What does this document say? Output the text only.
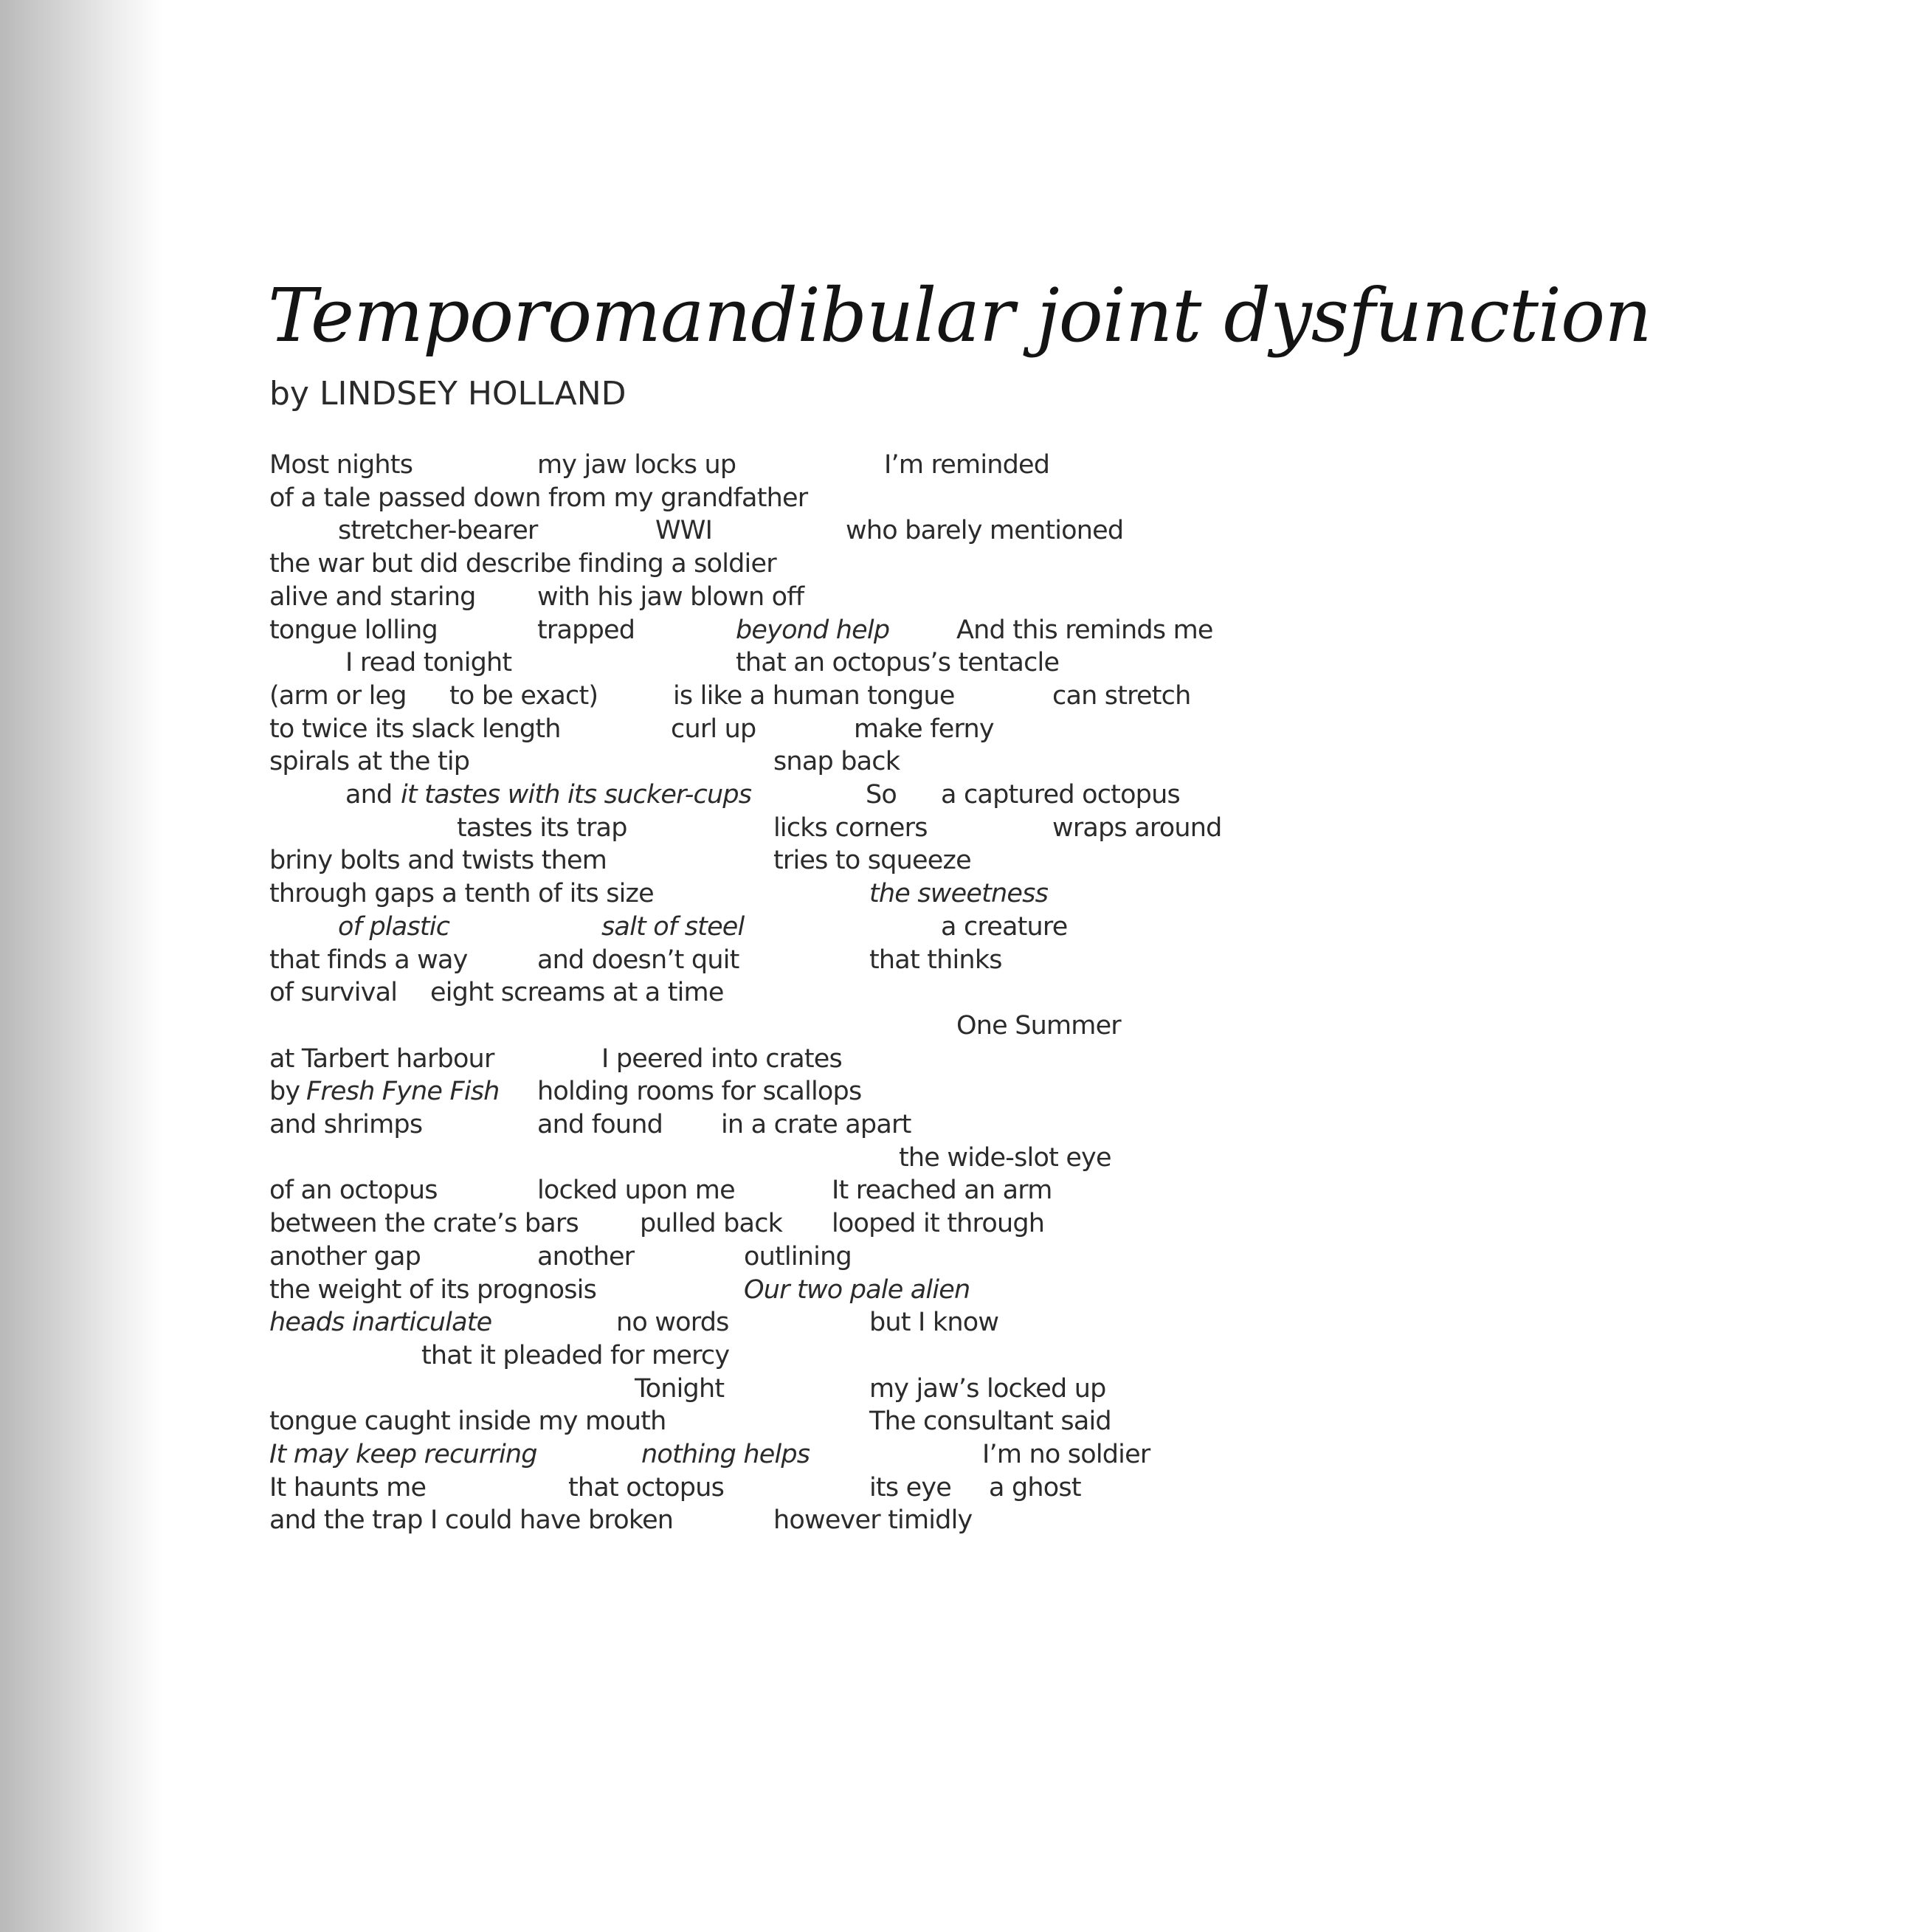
Temporomandibular joint dysfunction
by LINDSEY HOLLAND
Most nights	my jaw locks up	I’m reminded
of a tale passed down from my grandfather
stretcher-bearer	WWI	who barely mentioned
the war but did describe finding a soldier
alive and staring with his jaw blown off
tongue lolling	trapped	beyond help	And this reminds me
I read tonight	that an octopus’s tentacle
(arm or leg to be exact)	is like a human tongue	can stretch
to twice its slack length	curl up	make ferny
spirals at the tip	snap back
and it tastes with its sucker-cups	So a captured octopus
tastes its trap	licks corners	wraps around
briny bolts and twists them	tries to squeeze
through gaps a tenth of its size	the sweetness
of plastic	salt of steel	a creature
that finds a way	and doesn’t quit	that thinks
of survival eight screams at a time
One Summer
at Tarbert harbour	I peered into crates
by Fresh Fyne Fish holding rooms for scallops
and shrimps	and found in a crate apart
the wide-slot eye
of an octopus	locked upon me	It reached an arm
between the crate’s bars pulled back looped it through
another gap	another	outlining
the weight of its prognosis	Our two pale alien
heads inarticulate	no words	but I know
that it pleaded for mercy
Tonight	my jaw’s locked up
tongue caught inside my mouth	The consultant said
It may keep recurring	nothing helps	I’m no soldier
It haunts me	that octopus	its eye a ghost
and the trap I could have broken	however timidly
